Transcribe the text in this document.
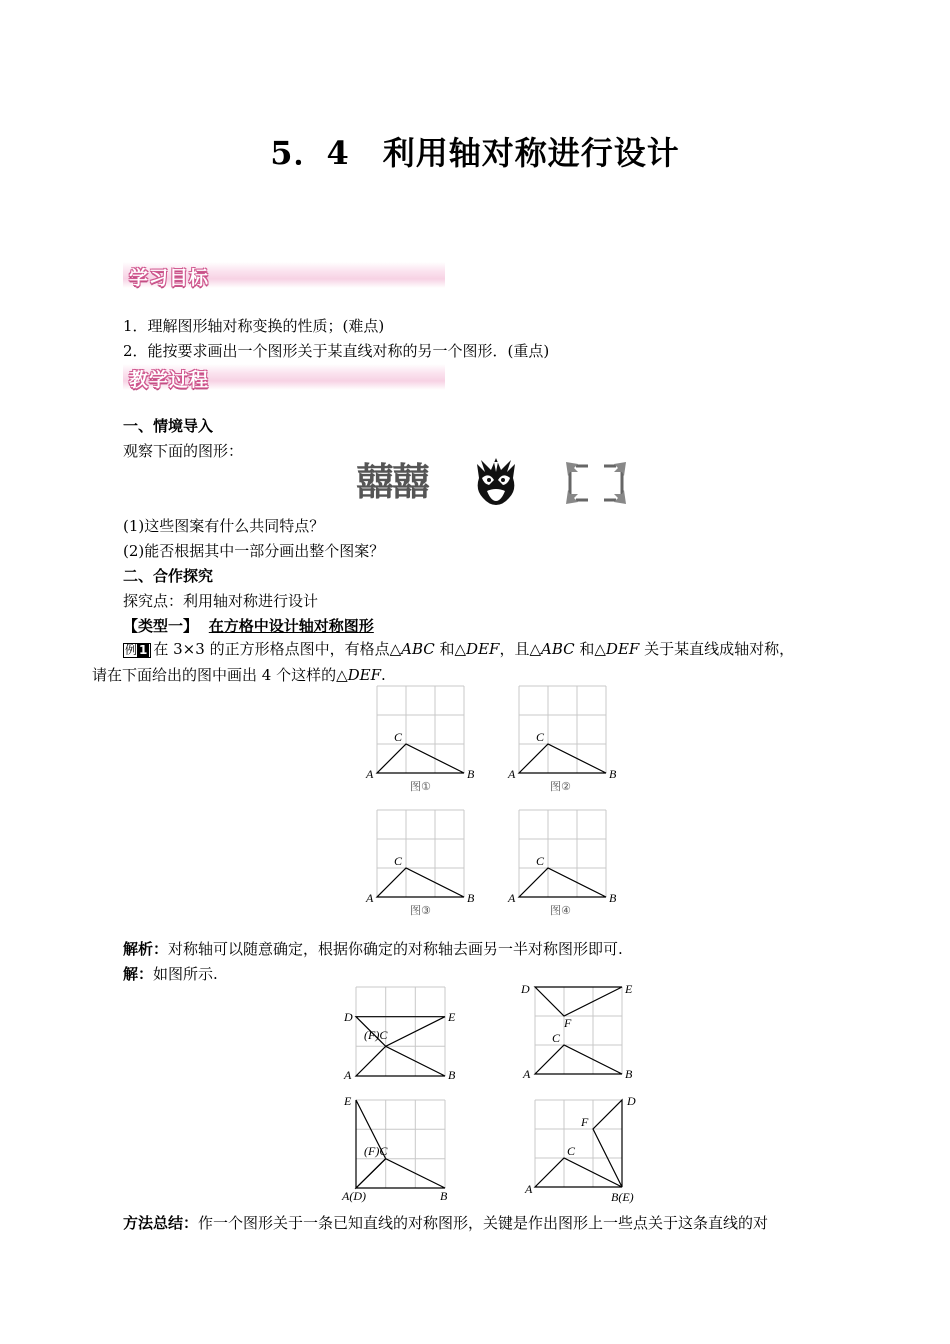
5．4　利用轴对称进行设计
学习目标
1．理解图形轴对称变换的性质；(难点)
2．能按要求画出一个图形关于某直线对称的另一个图形．(重点)
教学过程
一、情境导入
观察下面的图形：
囍囍
(1)这些图案有什么共同特点？
(2)能否根据其中一部分画出整个图案？
二、合作探究
探究点：利用轴对称进行设计
【类型一】 在方格中设计轴对称图形
例 1 在 3×3 的正方形格点图中，有格点△ABC 和△DEF，且△ABC 和△DEF 关于某直线成轴对称，
请在下面给出的图中画出 4 个这样的△DEF.
A	B
C
图①
A	B
C
图②
A	B
C
图③
A	B
C
图④
解析：对称轴可以随意确定，根据你确定的对称轴去画另一半对称图形即可.
解：如图所示.
D	E
(F)C
A	B
D	E
F
C
A	B
E
(F)C
A(D)	B
D
F
C
A
B(E)
方法总结：作一个图形关于一条已知直线的对称图形，关键是作出图形上一些点关于这条直线的对
